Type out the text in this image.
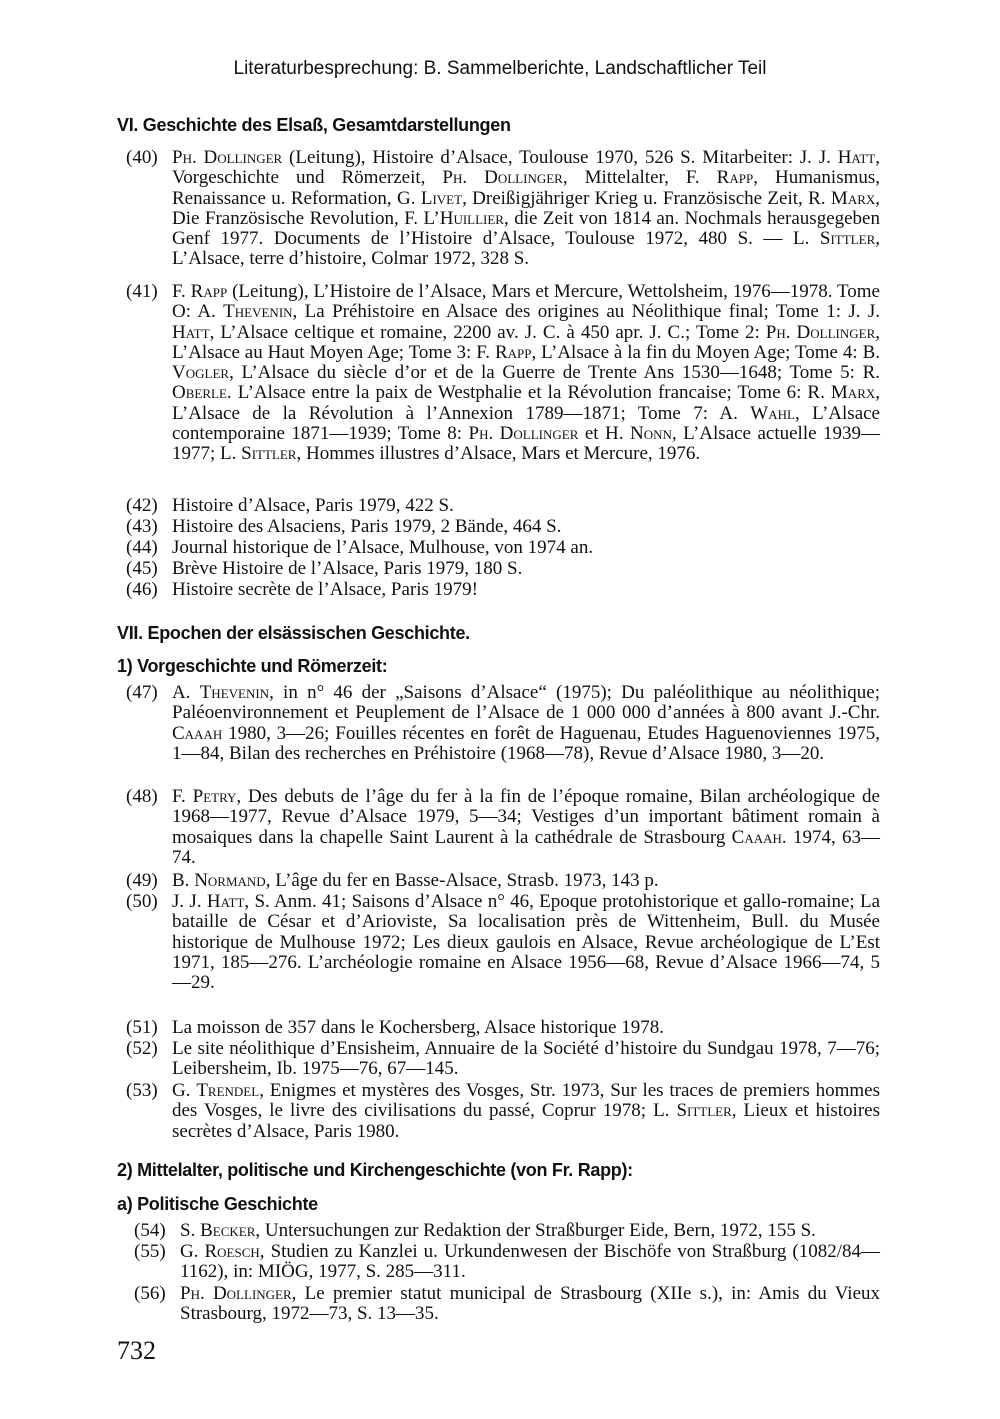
Literaturbesprechung: B. Sammelberichte, Landschaftlicher Teil
VI. Geschichte des Elsaß, Gesamtdarstellungen
(40) Ph. Dollinger (Leitung), Histoire d’Alsace, Toulouse 1970, 526 S. Mitarbeiter: J. J. Hatt, Vorgeschichte und Römerzeit, Ph. Dollinger, Mittelalter, F. Rapp, Humanismus, Renaissance u. Reformation, G. Livet, Dreißigjähriger Krieg u. Französische Zeit, R. Marx, Die Französische Revolution, F. L’Huillier, die Zeit von 1814 an. Nochmals herausgegeben Genf 1977. Documents de l’Histoire d’Alsace, Toulouse 1972, 480 S. — L. Sittler, L’Alsace, terre d’histoire, Colmar 1972, 328 S.
(41) F. Rapp (Leitung), L’Histoire de l’Alsace, Mars et Mercure, Wettolsheim, 1976—1978. Tome O: A. Thevenin, La Préhistoire en Alsace des origines au Néolithique final; Tome 1: J. J. Hatt, L’Alsace celtique et romaine, 2200 av. J. C. à 450 apr. J. C.; Tome 2: Ph. Dollinger, L’Alsace au Haut Moyen Age; Tome 3: F. Rapp, L’Alsace à la fin du Moyen Age; Tome 4: B. Vogler, L’Alsace du siècle d’or et de la Guerre de Trente Ans 1530—1648; Tome 5: R. Oberle. L’Alsace entre la paix de Westphalie et la Révolution francaise; Tome 6: R. Marx, L’Alsace de la Révolution à l’Annexion 1789—1871; Tome 7: A. Wahl, L’Alsace contemporaine 1871—1939; Tome 8: Ph. Dollinger et H. Nonn, L’Alsace actuelle 1939—1977; L. Sittler, Hommes illustres d’Alsace, Mars et Mercure, 1976.
(42) Histoire d’Alsace, Paris 1979, 422 S.
(43) Histoire des Alsaciens, Paris 1979, 2 Bände, 464 S.
(44) Journal historique de l’Alsace, Mulhouse, von 1974 an.
(45) Brève Histoire de l’Alsace, Paris 1979, 180 S.
(46) Histoire secrète de l’Alsace, Paris 1979!
VII. Epochen der elsässischen Geschichte.
1) Vorgeschichte und Römerzeit:
(47) A. Thevenin, in n° 46 der „Saisons d’Alsace“ (1975); Du paléolithique au néolithique; Paléoenvironnement et Peuplement de l’Alsace de 1 000 000 d’années à 800 avant J.-Chr. Caaah 1980, 3—26; Fouilles récentes en forêt de Haguenau, Etudes Haguenoviennes 1975, 1—84, Bilan des recherches en Préhistoire (1968—78), Revue d’Alsace 1980, 3—20.
(48) F. Petry, Des debuts de l’âge du fer à la fin de l’époque romaine, Bilan archéologique de 1968—1977, Revue d’Alsace 1979, 5—34; Vestiges d’un important bâtiment romain à mosaiques dans la chapelle Saint Laurent à la cathédrale de Strasbourg Caaah. 1974, 63—74.
(49) B. Normand, L’âge du fer en Basse-Alsace, Strasb. 1973, 143 p.
(50) J. J. Hatt, S. Anm. 41; Saisons d’Alsace n° 46, Epoque protohistorique et gallo-romaine; La bataille de César et d’Arioviste, Sa localisation près de Wittenheim, Bull. du Musée historique de Mulhouse 1972; Les dieux gaulois en Alsace, Revue archéologique de L’Est 1971, 185—276. L’archéologie romaine en Alsace 1956—68, Revue d’Alsace 1966—74, 5—29.
(51) La moisson de 357 dans le Kochersberg, Alsace historique 1978.
(52) Le site néolithique d’Ensisheim, Annuaire de la Société d’histoire du Sundgau 1978, 7—76; Leibersheim, Ib. 1975—76, 67—145.
(53) G. Trendel, Enigmes et mystères des Vosges, Str. 1973, Sur les traces de premiers hommes des Vosges, le livre des civilisations du passé, Coprur 1978; L. Sittler, Lieux et histoires secrètes d’Alsace, Paris 1980.
2) Mittelalter, politische und Kirchengeschichte (von Fr. Rapp):
a) Politische Geschichte
(54) S. Becker, Untersuchungen zur Redaktion der Straßburger Eide, Bern, 1972, 155 S.
(55) G. Roesch, Studien zu Kanzlei u. Urkundenwesen der Bischöfe von Straßburg (1082/84—1162), in: MIÖG, 1977, S. 285—311.
(56) Ph. Dollinger, Le premier statut municipal de Strasbourg (XIIe s.), in: Amis du Vieux Strasbourg, 1972—73, S. 13—35.
732
